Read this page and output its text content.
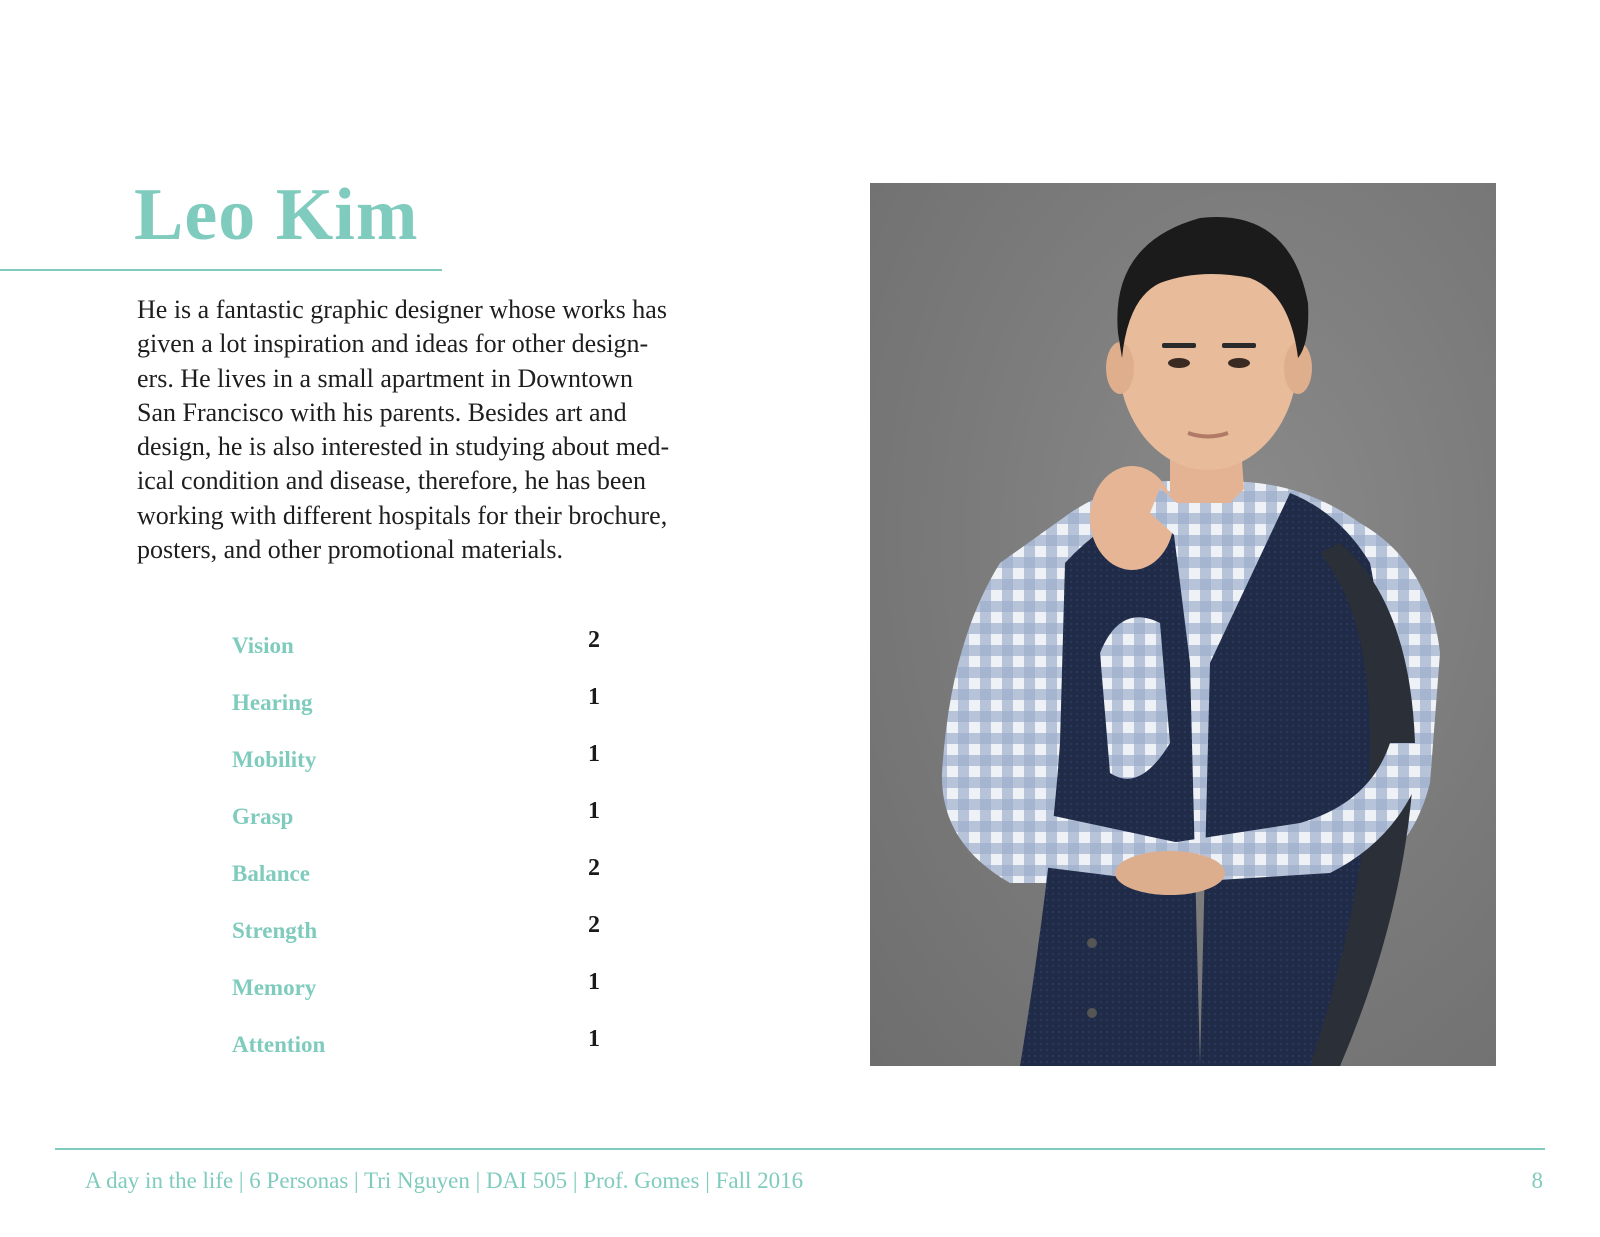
Leo Kim

He is a fantastic graphic designer whose works has
given a lot inspiration and ideas for other design-
ers. He lives in a small apartment in Downtown
San Francisco with his parents. Besides art and
design, he is also interested in studying about med-
ical condition and disease, therefore, he has been
working with different hospitals for their brochure,
posters, and other promotional materials.

Vision	2
Hearing	1
Mobility	1
Grasp	1
Balance	2
Strength	2
Memory	1
Attention	1
A day in the life | 6 Personas | Tri Nguyen | DAI 505 | Prof. Gomes | Fall 2016	8
